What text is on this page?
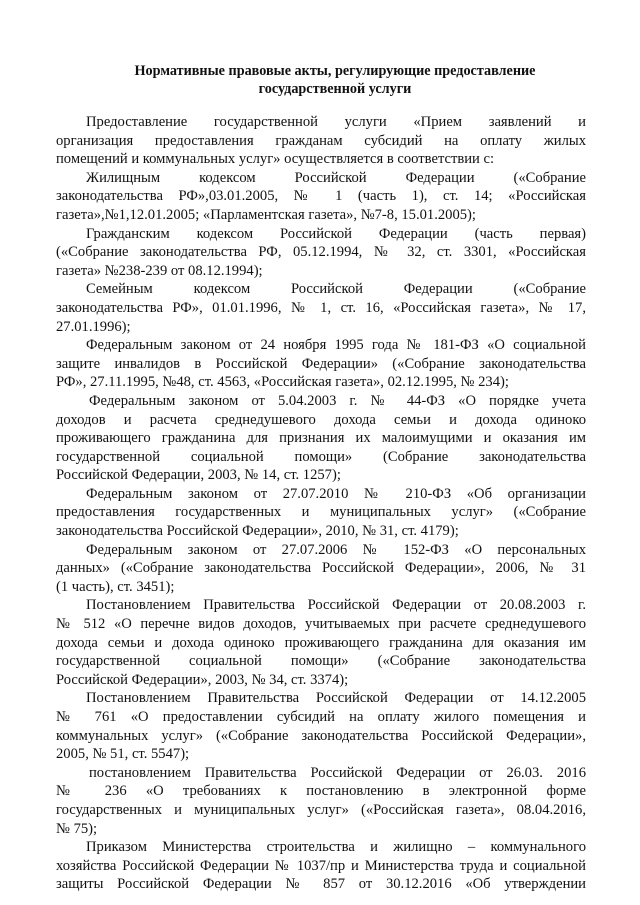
Нормативные правовые акты, регулирующие предоставление
государственной услуги

Предоставление государственной услуги «Прием заявлений и
организация предоставления гражданам субсидий на оплату жилых
помещений и коммунальных услуг» осуществляется в соответствии с:

Жилищным кодексом Российской Федерации («Собрание
законодательства РФ»,03.01.2005, № 1 (часть 1), ст. 14; «Российская
газета»,№1,12.01.2005; «Парламентская газета», №7-8, 15.01.2005);

Гражданским кодексом Российской Федерации (часть первая)
(«Собрание законодательства РФ, 05.12.1994, № 32, ст. 3301, «Российская
газета» №238-239 от 08.12.1994);

Семейным кодексом Российской Федерации («Собрание
законодательства РФ», 01.01.1996, № 1, ст. 16, «Российская газета», № 17,
27.01.1996);

Федеральным законом от 24 ноября 1995 года № 181-ФЗ «О социальной
защите инвалидов в Российской Федерации» («Собрание законодательства
РФ», 27.11.1995, №48, ст. 4563, «Российская газета», 02.12.1995, № 234);

Федеральным законом от 5.04.2003 г. № 44-ФЗ «О порядке учета
доходов и расчета среднедушевого дохода семьи и дохода одиноко
проживающего гражданина для признания их малоимущими и оказания им
государственной социальной помощи» (Собрание законодательства
Российской Федерации, 2003, № 14, ст. 1257);

Федеральным законом от 27.07.2010 № 210-ФЗ «Об организации
предоставления государственных и муниципальных услуг» («Собрание
законодательства Российской Федерации», 2010, № 31, ст. 4179);

Федеральным законом от 27.07.2006 № 152-ФЗ «О персональных
данных» («Собрание законодательства Российской Федерации», 2006, № 31
(1 часть), ст. 3451);

Постановлением Правительства Российской Федерации от 20.08.2003 г.
№ 512 «О перечне видов доходов, учитываемых при расчете среднедушевого
дохода семьи и дохода одиноко проживающего гражданина для оказания им
государственной социальной помощи» («Собрание законодательства
Российской Федерации», 2003, № 34, ст. 3374);

Постановлением Правительства Российской Федерации от 14.12.2005
№ 761 «О предоставлении субсидий на оплату жилого помещения и
коммунальных услуг» («Собрание законодательства Российской Федерации»,
2005, № 51, ст. 5547);

постановлением Правительства Российской Федерации от 26.03. 2016
№ 236 «О требованиях к постановлению в электронной форме
государственных и муниципальных услуг» («Российская газета», 08.04.2016,
№ 75);

Приказом Министерства строительства и жилищно – коммунального
хозяйства Российской Федерации № 1037/пр и Министерства труда и социальной
защиты Российской Федерации № 857 от 30.12.2016 «Об утверждении
